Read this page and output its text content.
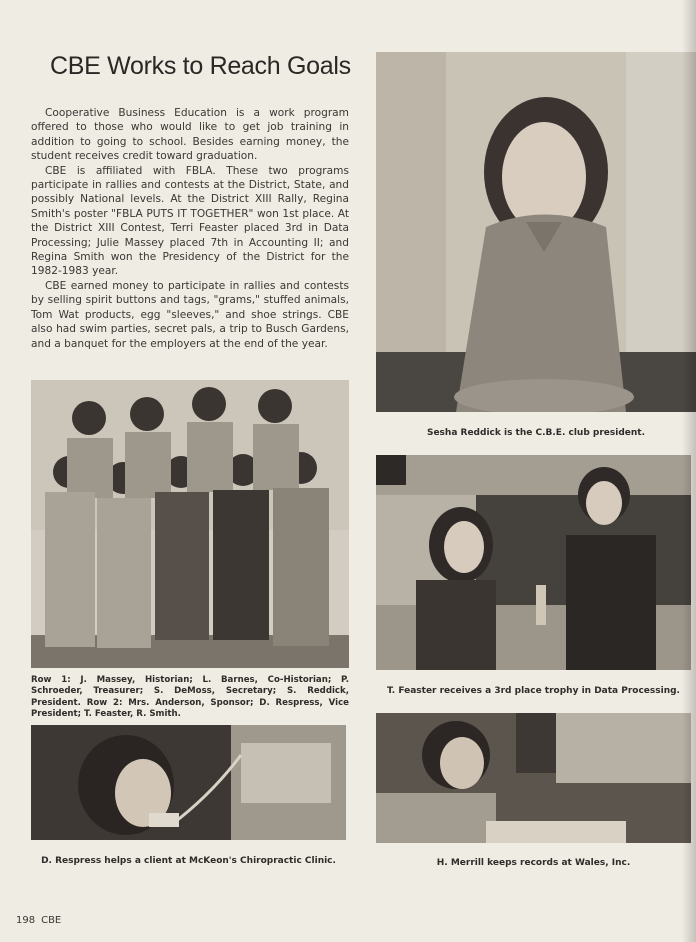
CBE Works to Reach Goals

Cooperative Business Education is a work program offered to those who would like to get job training in addition to going to school. Besides earning money, the student receives credit toward graduation.

CBE is affiliated with FBLA. These two programs participate in rallies and contests at the District, State, and possibly National levels. At the District XIII Rally, Regina Smith's poster "FBLA PUTS IT TOGETHER" won 1st place. At the District XIII Contest, Terri Feaster placed 3rd in Data Processing; Julie Massey placed 7th in Accounting II; and Regina Smith won the Presidency of the District for the 1982-1983 year.

CBE earned money to participate in rallies and contests by selling spirit buttons and tags, "grams," stuffed animals, Tom Wat products, egg "sleeves," and shoe strings. CBE also had swim parties, secret pals, a trip to Busch Gardens, and a banquet for the employers at the end of the year.

Sesha Reddick is the C.B.E. club president.
Row 1: J. Massey, Historian; L. Barnes, Co-Historian; P. Schroeder, Treasurer; S. DeMoss, Secretary; S. Reddick, President. Row 2: Mrs. Anderson, Sponsor; D. Respress, Vice President; T. Feaster, R. Smith.
T. Feaster receives a 3rd place trophy in Data Processing.
D. Respress helps a client at McKeon's Chiropractic Clinic.	H. Merrill keeps records at Wales, Inc.
198 CBE
